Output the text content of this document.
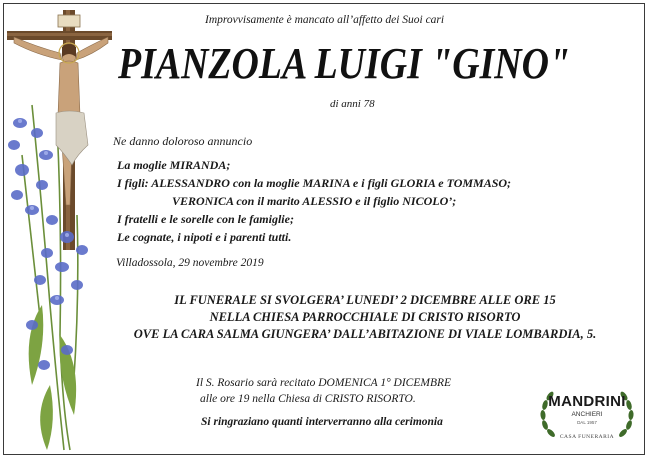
Improvvisamente è mancato all’affetto dei Suoi cari
PIANZOLA LUIGI "GINO"
di anni 78
Ne danno doloroso annuncio
La moglie MIRANDA;
I figli: ALESSANDRO con la moglie MARINA e i figli GLORIA e TOMMASO;
VERONICA con il marito ALESSIO e il figlio NICOLO’;
I fratelli e le sorelle con le famiglie;
Le cognate, i nipoti e i parenti tutti.
Villadossola, 29 novembre 2019
IL FUNERALE SI SVOLGERA’ LUNEDI’ 2 DICEMBRE ALLE ORE 15
NELLA CHIESA PARROCCHIALE DI CRISTO RISORTO
OVE LA CARA SALMA GIUNGERA’ DALL’ABITAZIONE DI VIALE LOMBARDIA, 5.
Il S. Rosario sarà recitato DOMENICA 1° DICEMBRE
alle ore 19 nella Chiesa di CRISTO RISORTO.
Si ringraziano quanti interverranno alla cerimonia
MANDRINI
ANCHIERI
DAL 1957
CASA FUNERARIA
